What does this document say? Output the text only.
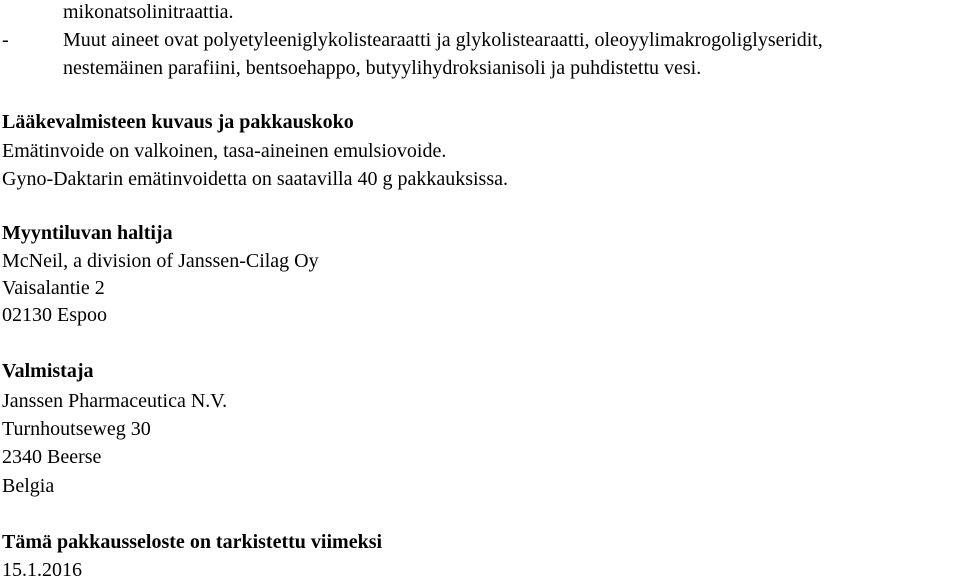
mikonatsolinitraattia.
-	Muut aineet ovat polyetyleeniglykolistearaatti ja glykolistearaatti, oleoyylimakrogoliglyseridit,
nestemäinen parafiini, bentsoehappo, butyylihydroksianisoli ja puhdistettu vesi.
Lääkevalmisteen kuvaus ja pakkauskoko
Emätinvoide on valkoinen, tasa-aineinen emulsiovoide.
Gyno-Daktarin emätinvoidetta on saatavilla 40 g pakkauksissa.
Myyntiluvan haltija
McNeil, a division of Janssen-Cilag Oy
Vaisalantie 2
02130 Espoo
Valmistaja
Janssen Pharmaceutica N.V.
Turnhoutseweg 30
2340 Beerse
Belgia
Tämä pakkausseloste on tarkistettu viimeksi
15.1.2016
